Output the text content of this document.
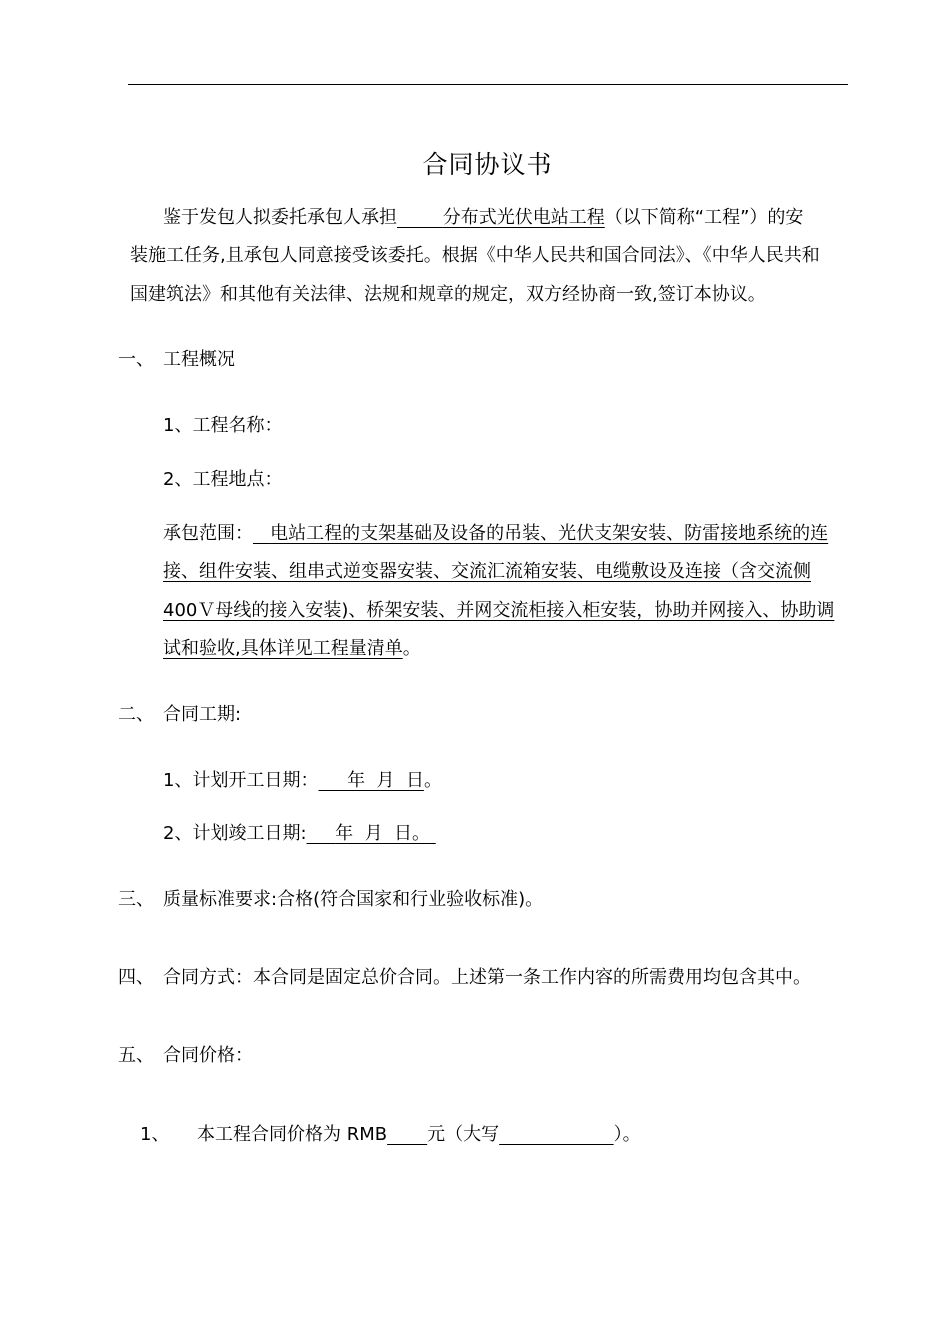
合同协议书
鉴于发包人拟委托承包人承担	分布式光伏电站工程（以下简称“工程”）的安
装施工任务,且承包人同意接受该委托。根据《中华人民共和国合同法》、《中华人民共和
国建筑法》和其他有关法律、法规和规章的规定，双方经协商一致,签订本协议。
一、 工程概况
1、工程名称：
2、工程地点：
承包范围： 电站工程的支架基础及设备的吊装、光伏支架安装、防雷接地系统的连
接、组件安装、组串式逆变器安装、交流汇流箱安装、电缆敷设及连接（含交流侧
400Ｖ母线的接入安装)、桥架安装、并网交流柜接入柜安装，协助并网接入、协助调
试和验收,具体详见工程量清单。
二、 合同工期:
1、计划开工日期： 年  月  日。
2、计划竣工日期: 年  月  日。
三、 质量标准要求:合格(符合国家和行业验收标准)。
四、 合同方式：本合同是固定总价合同。上述第一条工作内容的所需费用均包含其中。
五、 合同价格：
1、 本工程合同价格为 RMB 元（大写	）。
